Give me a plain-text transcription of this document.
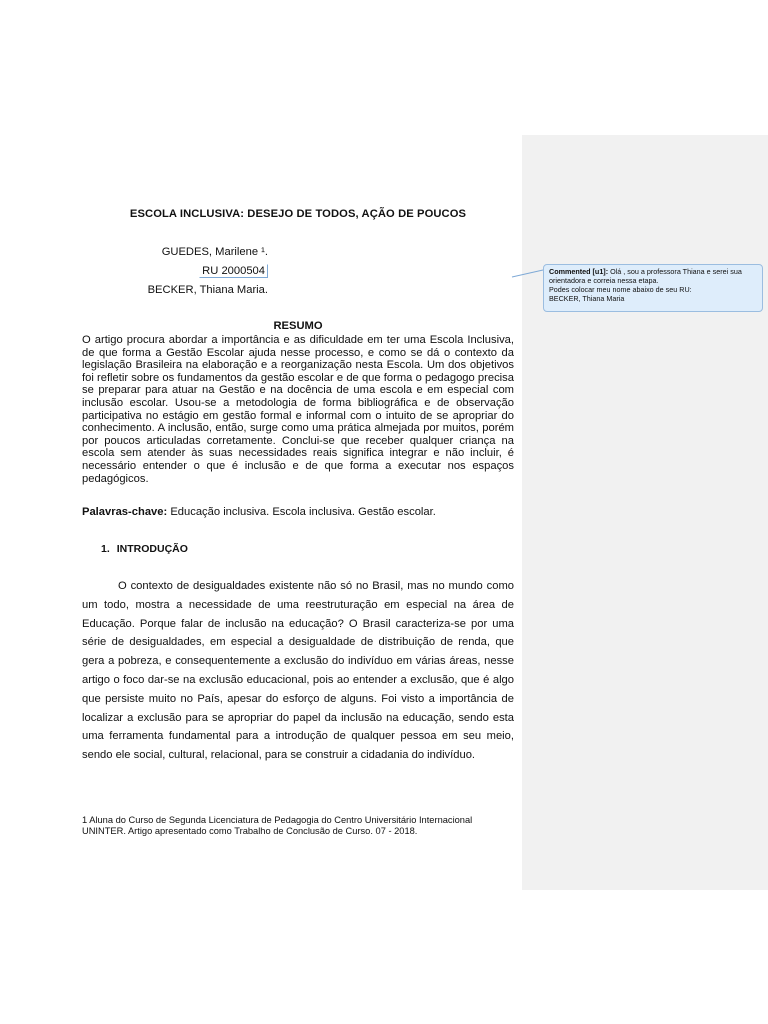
ESCOLA INCLUSIVA: DESEJO DE TODOS, AÇÃO DE POUCOS
GUEDES, Marilene ¹.
RU 2000504
BECKER, Thiana Maria.
RESUMO

O artigo procura abordar a importância e as dificuldade em ter uma Escola Inclusiva, de que forma a Gestão Escolar ajuda nesse processo, e como se dá o contexto da legislação Brasileira na elaboração e a reorganização nesta Escola. Um dos objetivos foi refletir sobre os fundamentos da gestão escolar e de que forma o pedagogo precisa se preparar para atuar na Gestão e na docência de uma escola e em especial com inclusão escolar. Usou-se a metodologia de forma bibliográfica e de observação participativa no estágio em gestão formal e informal com o intuito de se apropriar do conhecimento. A inclusão, então, surge como uma prática almejada por muitos, porém por poucos articuladas corretamente. Conclui-se que receber qualquer criança na escola sem atender às suas necessidades reais significa integrar e não incluir, é necessário entender o que é inclusão e de que forma a executar nos espaços pedagógicos.

Palavras-chave: Educação inclusiva. Escola inclusiva. Gestão escolar.

1. INTRODUÇÃO

O contexto de desigualdades existente não só no Brasil, mas no mundo como um todo, mostra a necessidade de uma reestruturação em especial na área de Educação. Porque falar de inclusão na educação? O Brasil caracteriza-se por uma série de desigualdades, em especial a desigualdade de distribuição de renda, que gera a pobreza, e consequentemente a exclusão do indivíduo em várias áreas, nesse artigo o foco dar-se na exclusão educacional, pois ao entender a exclusão, que é algo que persiste muito no País, apesar do esforço de alguns. Foi visto a importância de localizar a exclusão para se apropriar do papel da inclusão na educação, sendo esta uma ferramenta fundamental para a introdução de qualquer pessoa em seu meio, sendo ele social, cultural, relacional, para se construir a cidadania do indivíduo.

1 Aluna do Curso de Segunda Licenciatura de Pedagogia do Centro Universitário Internacional UNINTER. Artigo apresentado como Trabalho de Conclusão de Curso. 07 - 2018.

Commented [u1]: Olá , sou a professora Thiana e serei sua orientadora e correia nessa etapa.
Podes colocar meu nome abaixo de seu RU:
BECKER, Thiana Maria
